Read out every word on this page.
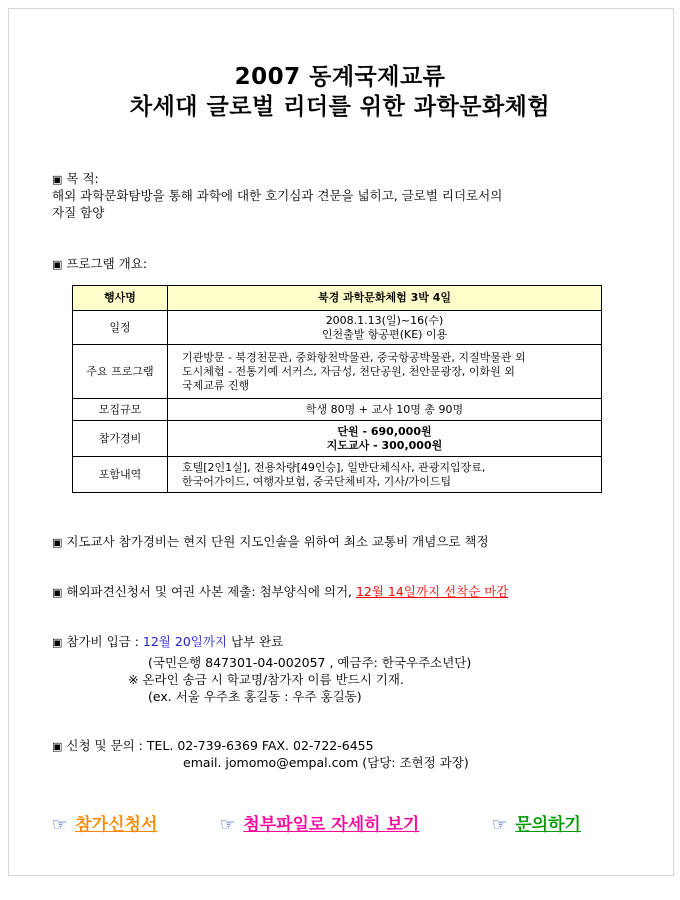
2007 동계국제교류
차세대 글로벌 리더를 위한 과학문화체험
▣ 목 적:
해외 과학문화탐방을 통해 과학에 대한 호기심과 견문을 넓히고, 글로벌 리더로서의
자질 함양
▣ 프로그램 개요:
행사명	북경 과학문화체험 3박 4일
일정	2008.1.13(일)~16(수)
인천출발 항공편(KE) 이용

주요 프로그램	기관방문 - 북경천문관, 중화항천박물관, 중국항공박물관, 지질박물관 외
도시체험 - 전통기예 서커스, 자금성, 천단공원, 천안문광장, 이화원 외
국제교류 진행

모집규모	학생 80명 + 교사 10명 총 90명
참가경비	단원 - 690,000원
지도교사 - 300,000원

포함내역	호텔[2인1실], 전용차량[49인승], 일반단체식사, 관광지입장료,
한국어가이드, 여행자보험, 중국단체비자, 기사/가이드팁
▣ 지도교사 참가경비는 현지 단원 지도인솔을 위하여 최소 교통비 개념으로 책정
▣ 해외파견신청서 및 여권 사본 제출: 첨부양식에 의거, 12월 14일까지 선착순 마감
▣ 참가비 입금 : 12월 20일까지 납부 완료
(국민은행 847301-04-002057 , 예금주: 한국우주소년단)
※ 온라인 송금 시 학교명/참가자 이름 반드시 기재.
(ex. 서울 우주초 홍길동 : 우주 홍길동)
▣ 신청 및 문의 : TEL. 02-739-6369 FAX. 02-722-6455
email. jomomo@empal.com (담당: 조현정 과장)
☞ 참가신청서	☞ 첨부파일로 자세히 보기	☞ 문의하기
